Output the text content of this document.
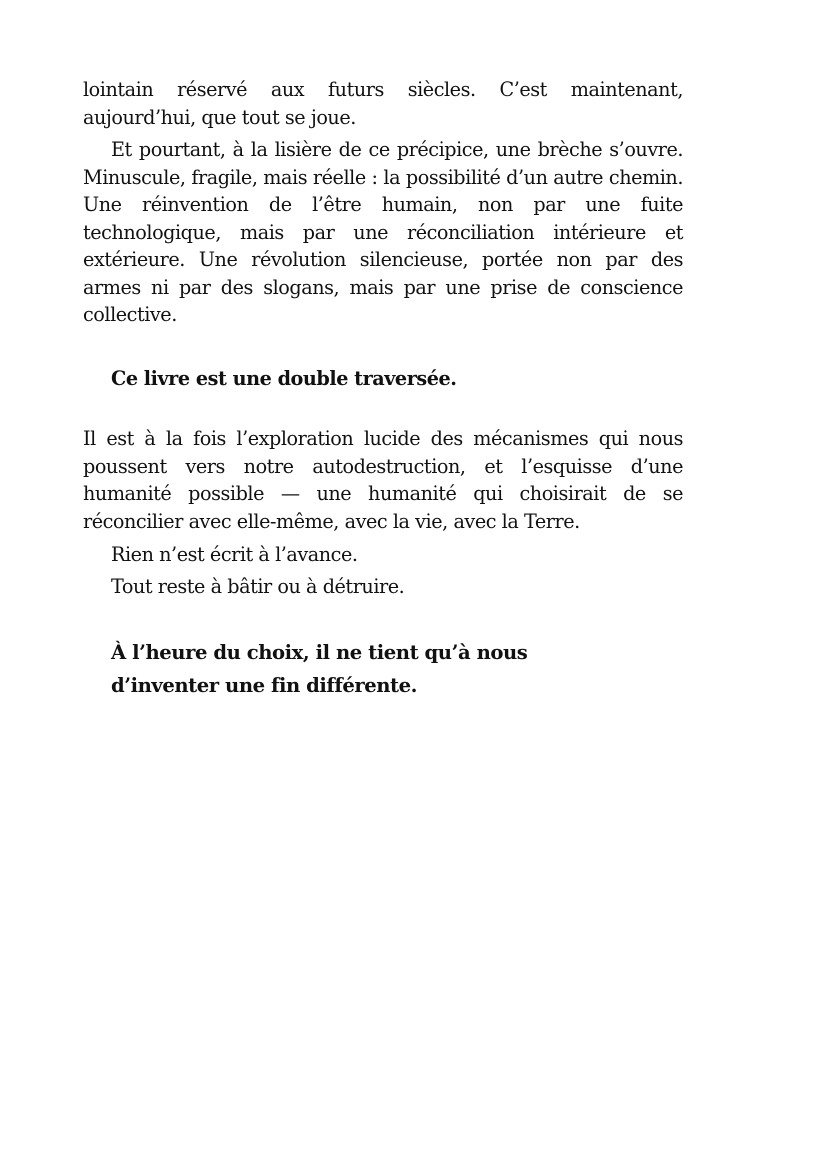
lointain réservé aux futurs siècles. C’est maintenant, aujourd’hui, que tout se joue.

Et pourtant, à la lisière de ce précipice, une brèche s’ouvre. Minuscule, fragile, mais réelle : la possibilité d’un autre chemin. Une réinvention de l’être humain, non par une fuite technologique, mais par une réconciliation intérieure et extérieure. Une révolution silencieuse, portée non par des armes ni par des slogans, mais par une prise de conscience collective.

Ce livre est une double traversée.

Il est à la fois l’exploration lucide des mécanismes qui nous poussent vers notre autodestruction, et l’esquisse d’une humanité possible — une humanité qui choisirait de se réconcilier avec elle-même, avec la vie, avec la Terre.

Rien n’est écrit à l’avance.

Tout reste à bâtir ou à détruire.

À l’heure du choix, il ne tient qu’à nous
d’inventer une fin différente.
